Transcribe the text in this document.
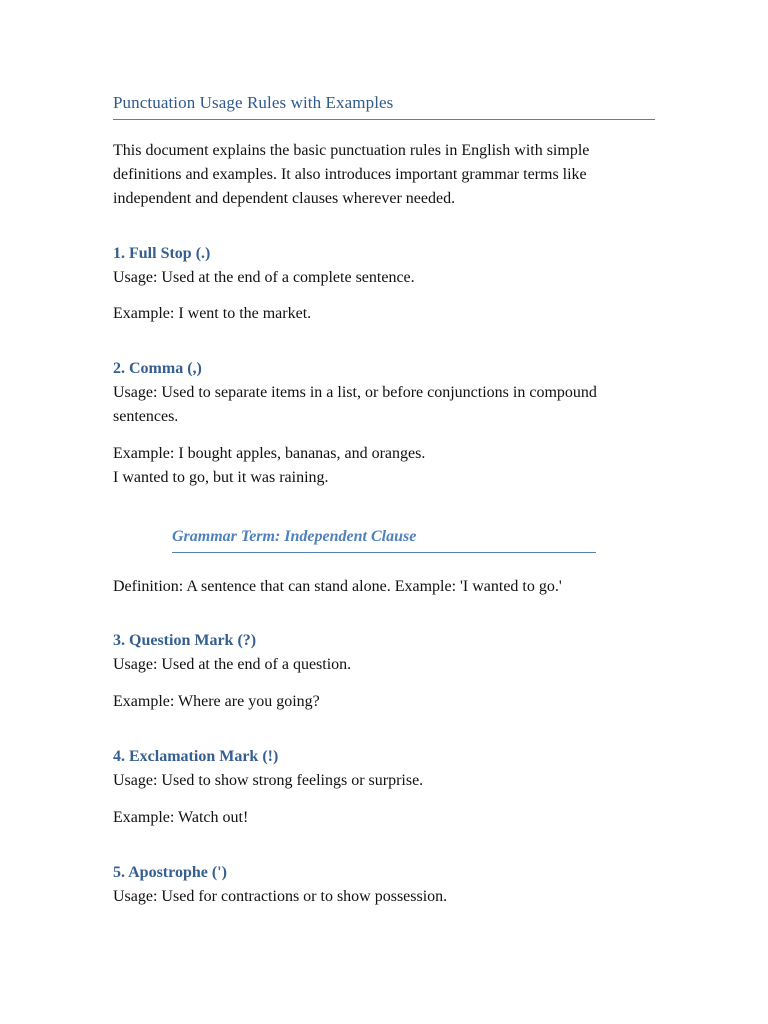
Punctuation Usage Rules with Examples
This document explains the basic punctuation rules in English with simple
definitions and examples. It also introduces important grammar terms like
independent and dependent clauses wherever needed.
1. Full Stop (.)
Usage: Used at the end of a complete sentence.
Example: I went to the market.
2. Comma (,)
Usage: Used to separate items in a list, or before conjunctions in compound
sentences.
Example: I bought apples, bananas, and oranges.
I wanted to go, but it was raining.
Grammar Term: Independent Clause
Definition: A sentence that can stand alone. Example: 'I wanted to go.'
3. Question Mark (?)
Usage: Used at the end of a question.
Example: Where are you going?
4. Exclamation Mark (!)
Usage: Used to show strong feelings or surprise.
Example: Watch out!
5. Apostrophe (')
Usage: Used for contractions or to show possession.
